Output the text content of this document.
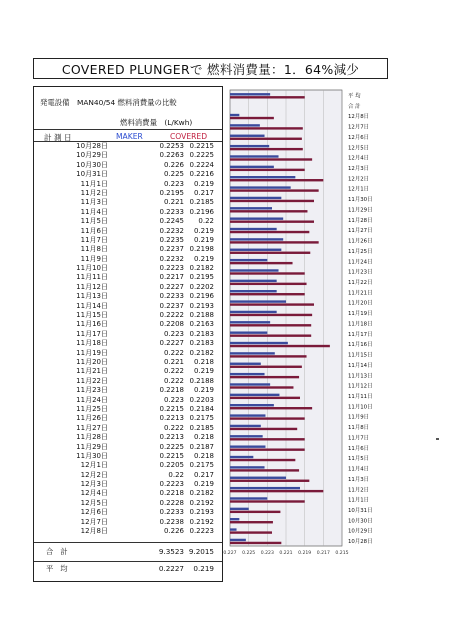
COVERED PLUNGERで 燃料消費量：1．64%減少
発電設備　MAN40/54 燃料消費量の比較
燃料消費量　(L/Kwh)
計 測 日	MAKER	COVERED
10月28日	0.2253 0.2215
10月29日	0.2263 0.2225
10月30日	0.226 0.2224
10月31日	0.225 0.2216
11月1日	0.223	0.219
11月2日	0.2195	0.217
11月3日	0.221 0.2185
11月4日	0.2233 0.2196
11月5日	0.2245	0.22
11月6日	0.2232	0.219
11月7日	0.2235	0.219
11月8日	0.2237 0.2198
11月9日	0.2232	0.219
11月10日	0.2223 0.2182
11月11日	0.2217 0.2195
11月12日	0.2227 0.2202
11月13日	0.2233 0.2196
11月14日	0.2237 0.2193
11月15日	0.2222 0.2188
11月16日	0.2208 0.2163
11月17日	0.223 0.2183
11月18日	0.2227 0.2183
11月19日	0.222 0.2182
11月20日	0.221	0.218
11月21日	0.222	0.219
11月22日	0.222 0.2188
11月23日	0.2218	0.219
11月24日	0.223 0.2203
11月25日	0.2215 0.2184
11月26日	0.2213 0.2175
11月27日	0.222 0.2185
11月28日	0.2213	0.218
11月29日	0.2225 0.2187
11月30日	0.2215	0.218
12月1日	0.2205 0.2175
12月2日	0.22	0.217
12月3日	0.2223	0.219
12月4日	0.2218 0.2182
12月5日	0.2228 0.2192
12月6日	0.2233 0.2193
12月7日	0.2238 0.2192
12月8日	0.226 0.2223
合　計	9.3523 9.2015
平　均	0.2227	0.219
0.227 0.225 0.223 0.221 0.219 0.217 0.215
平 均
合 計
12月8日
12月7日
12月6日
12月5日
12月4日
12月3日
12月2日
12月1日
11月30日
11月29日
11月28日
11月27日
11月26日
11月25日
11月24日
11月23日
11月22日
11月21日
11月20日
11月19日
11月18日
11月17日
11月16日
11月15日
11月14日
11月13日
11月12日
11月11日
11月10日
11月9日
11月8日
11月7日
11月6日
11月5日
11月4日
11月3日
11月2日
11月1日
10月31日
10月30日
10月29日
10月28日
